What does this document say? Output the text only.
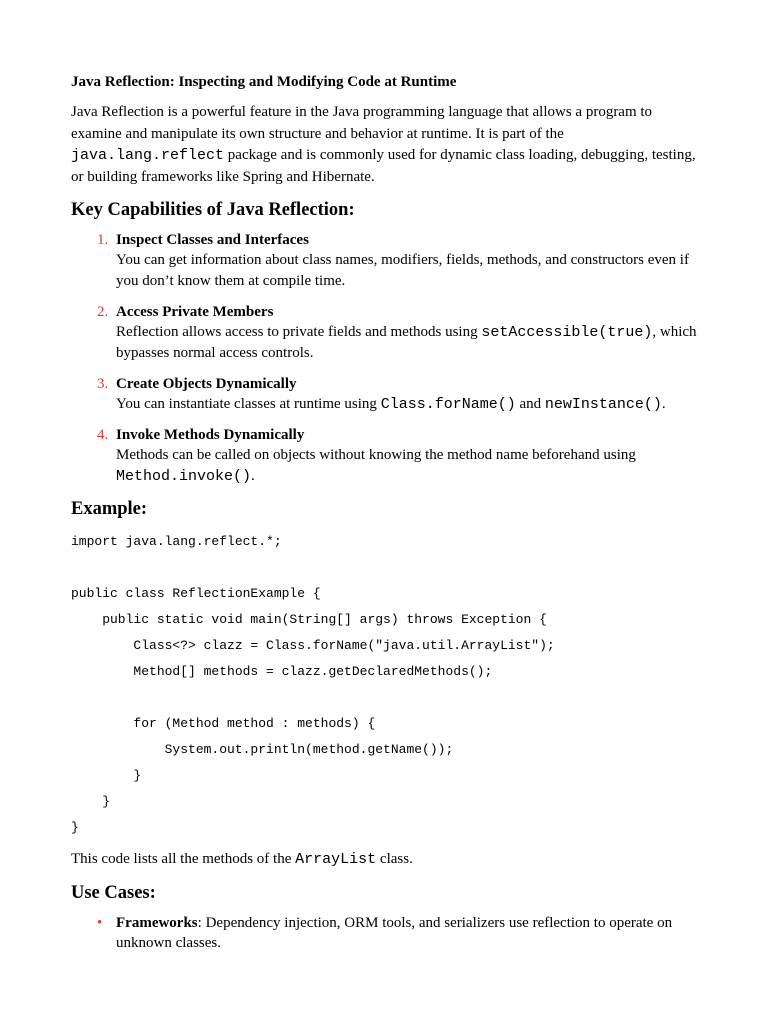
Java Reflection: Inspecting and Modifying Code at Runtime

Java Reflection is a powerful feature in the Java programming language that allows a program to examine and manipulate its own structure and behavior at runtime. It is part of the java.lang.reflect package and is commonly used for dynamic class loading, debugging, testing, or building frameworks like Spring and Hibernate.

Key Capabilities of Java Reflection:
1. Inspect Classes and Interfaces
You can get information about class names, modifiers, fields, methods, and constructors even if you don’t know them at compile time.
2. Access Private Members
Reflection allows access to private fields and methods using setAccessible(true), which bypasses normal access controls.
3. Create Objects Dynamically
You can instantiate classes at runtime using Class.forName() and newInstance().
4. Invoke Methods Dynamically
Methods can be called on objects without knowing the method name beforehand using Method.invoke().
Example:
import java.lang.reflect.*;
public class ReflectionExample {
public static void main(String[] args) throws Exception {
Class<?> clazz = Class.forName("java.util.ArrayList");
Method[] methods = clazz.getDeclaredMethods();
for (Method method : methods) {
System.out.println(method.getName());
}
}
}

This code lists all the methods of the ArrayList class.

Use Cases:
• Frameworks: Dependency injection, ORM tools, and serializers use reflection to operate on unknown classes.
